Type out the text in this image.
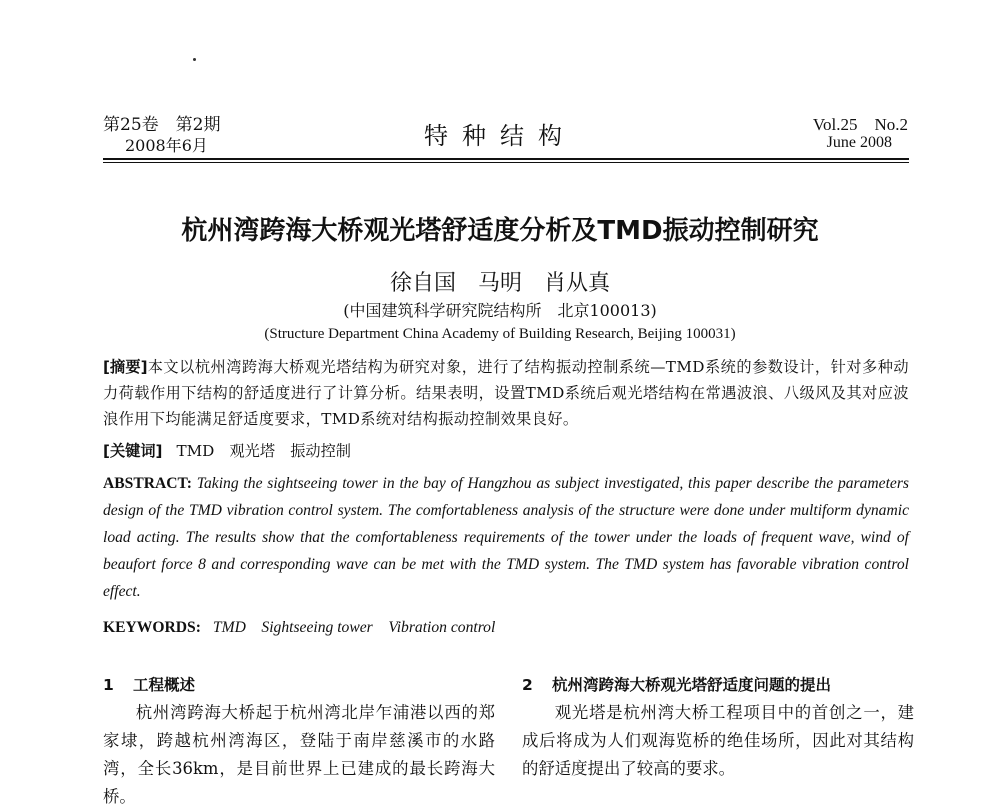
第25卷　第2期
2008年6月	特种结构	Vol.25　No.2
June 2008
杭州湾跨海大桥观光塔舒适度分析及TMD振动控制研究
徐自国　马明　肖从真
(中国建筑科学研究院结构所　北京100013)
(Structure Department China Academy of Building Research, Beijing 100031)
[摘要]本文以杭州湾跨海大桥观光塔结构为研究对象，进行了结构振动控制系统—TMD系统的参数设计，针对多种动力荷载作用下结构的舒适度进行了计算分析。结果表明，设置TMD系统后观光塔结构在常遇波浪、八级风及其对应波浪作用下均能满足舒适度要求，TMD系统对结构振动控制效果良好。
[关键词] TMD　观光塔　振动控制
ABSTRACT: Taking the sightseeing tower in the bay of Hangzhou as subject investigated, this paper describe the parameters design of the TMD vibration control system. The comfortableness analysis of the structure were done under multiform dynamic load acting. The results show that the comfortableness requirements of the tower under the loads of frequent wave, wind of beaufort force 8 and corresponding wave can be met with the TMD system. The TMD system has favorable vibration control effect.
KEYWORDS: TMD　Sightseeing tower　Vibration control
1 工程概述

杭州湾跨海大桥起于杭州湾北岸乍浦港以西的郑家埭，跨越杭州湾海区，登陆于南岸慈溪市的水路湾，全长36km，是目前世界上已建成的最长跨海大桥。

2 杭州湾跨海大桥观光塔舒适度问题的提出

观光塔是杭州湾大桥工程项目中的首创之一，建成后将成为人们观海览桥的绝佳场所，因此对其结构的舒适度提出了较高的要求。
